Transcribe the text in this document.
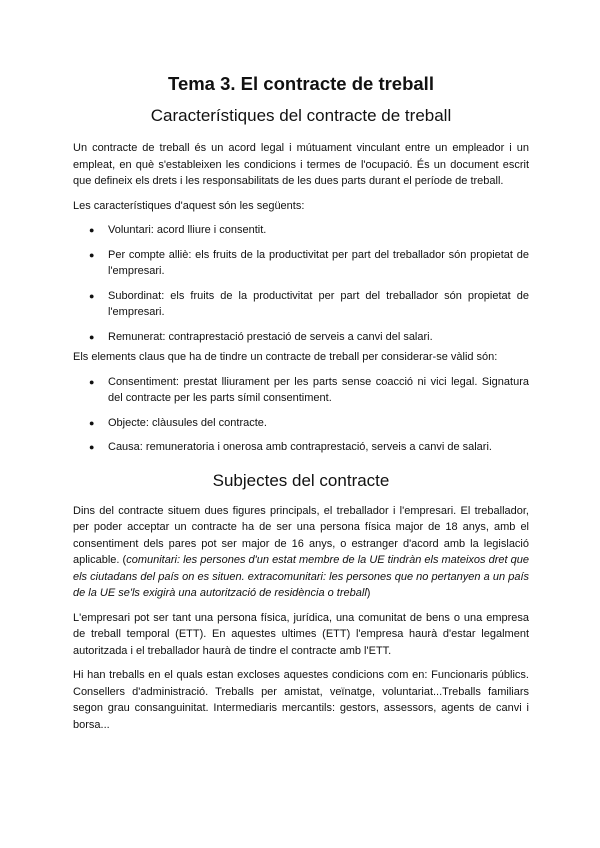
Tema 3. El contracte de treball
Característiques del contracte de treball

Un contracte de treball és un acord legal i mútuament vinculant entre un empleador i un empleat, en què s'estableixen les condicions i termes de l'ocupació. És un document escrit que defineix els drets i les responsabilitats de les dues parts durant el període de treball.

Les característiques d'aquest són les següents:

● Voluntari: acord lliure i consentit.
● Per compte alliè: els fruits de la productivitat per part del treballador són propietat de l'empresari.
● Subordinat: els fruits de la productivitat per part del treballador són propietat de l'empresari.
● Remunerat: contraprestació prestació de serveis a canvi del salari.

Els elements claus que ha de tindre un contracte de treball per considerar-se vàlid són:

● Consentiment: prestat lliurament per les parts sense coacció ni vici legal. Signatura del contracte per les parts símil consentiment.
● Objecte: clàusules del contracte.
● Causa: remuneratoria i onerosa amb contraprestació, serveis a canvi de salari.
Subjectes del contracte

Dins del contracte situem dues figures principals, el treballador i l'empresari. El treballador, per poder acceptar un contracte ha de ser una persona física major de 18 anys, amb el consentiment dels pares pot ser major de 16 anys, o estranger d'acord amb la legislació aplicable. (comunitari: les persones d'un estat membre de la UE tindràn els mateixos dret que els ciutadans del país on es situen. extracomunitari: les persones que no pertanyen a un país de la UE se'ls exigirà una autorització de residència o treball)

L'empresari pot ser tant una persona física, jurídica, una comunitat de bens o una empresa de treball temporal (ETT). En aquestes ultimes (ETT) l'empresa haurà d'estar legalment autoritzada i el treballador haurà de tindre el contracte amb l'ETT.

Hi han treballs en el quals estan excloses aquestes condicions com en: Funcionaris públics. Consellers d'administració. Treballs per amistat, veïnatge, voluntariat...Treballs familiars segon grau consanguinitat. Intermediaris mercantils: gestors, assessors, agents de canvi i borsa...
